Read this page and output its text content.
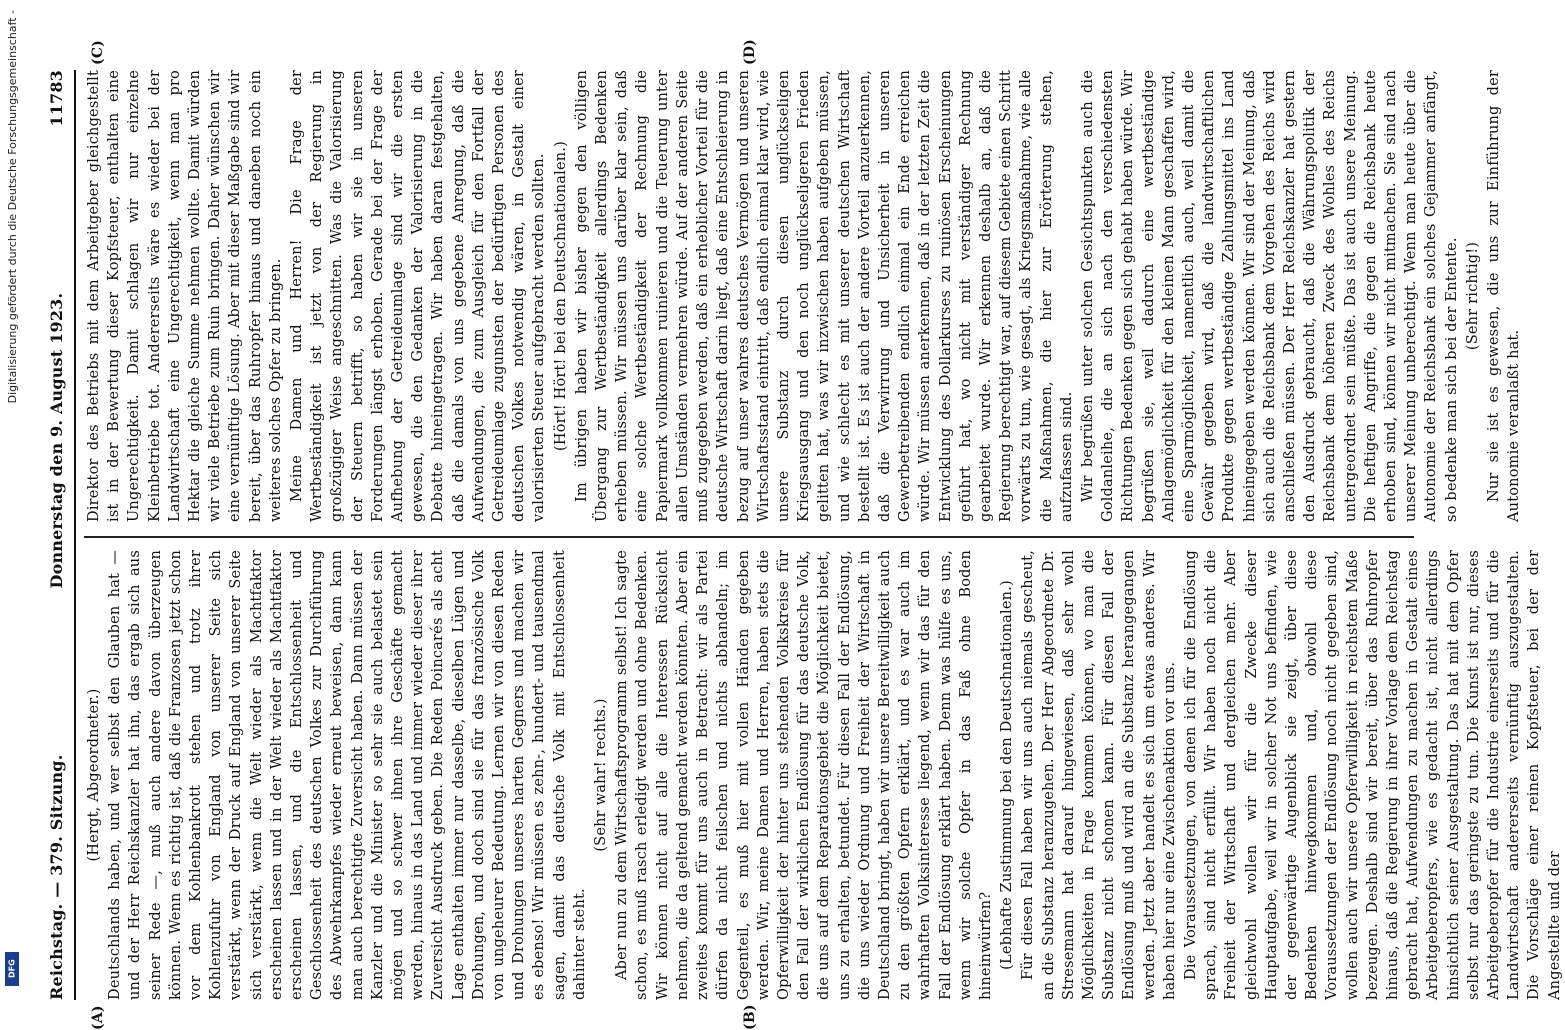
Reichstag. — 379. Sitzung.
Donnerstag den 9. August 1923.
11783
(A)	(B)
(C)	(D)

(Hergt, Abgeordneter.) Deutschlands haben, und wer selbst den Glauben hat — und der Herr Reichskanzler hat ihn, das ergab sich aus seiner Rede —, muß auch andere davon überzeugen können. Wenn es richtig ist, daß die Franzosen jetzt schon vor dem Kohlenbankrott stehen und trotz ihrer Kohlenzufuhr von England von unserer Seite sich verstärkt, wenn der Druck auf England von unserer Seite sich verstärkt, wenn die Welt wieder als Machtfaktor erscheinen lassen und in der Welt wieder als Machtfaktor erscheinen lassen, und die Entschlossenheit und Geschlossenheit des deutschen Volkes zur Durchführung des Abwehrkampfes wieder erneut beweisen, dann kann man auch berechtigte Zuversicht haben. Dann müssen der Kanzler und die Minister so sehr sie auch belastet sein mögen und so schwer ihnen ihre Geschäfte gemacht werden, hinaus in das Land und immer wieder dieser ihrer Zuversicht Ausdruck geben. Die Reden Poincarés als acht Lage enthalten immer nur dasselbe, dieselben Lügen und Drohungen, und doch sind sie für das französische Volk von ungeheurer Bedeutung. Lernen wir von diesen Reden und Drohungen unseres harten Gegners und machen wir es ebenso! Wir müssen es zehn-, hundert- und tausendmal sagen, damit das deutsche Volk mit Entschlossenheit dahinter steht.

(Sehr wahr! rechts.) Aber nun zu dem Wirtschaftsprogramm selbst! Ich sagte schon, es muß rasch erledigt werden und ohne Bedenken. Wir können nicht auf alle die Interessen Rücksicht nehmen, die da geltend gemacht werden könnten. Aber ein zweites kommt für uns auch in Betracht: wir als Partei dürfen da nicht feilschen und nichts abhandeln; im Gegenteil, es muß hier mit vollen Händen gegeben werden. Wir, meine Damen und Herren, haben stets die Opferwilligkeit der hinter uns stehenden Volkskreise für den Fall der wirklichen Endlösung für das deutsche Volk, die uns auf dem Reparationsgebiet die Möglichkeit bietet, uns zu erhalten, betundet. Für diesen Fall der Endlösung, die uns wieder Ordnung und Freiheit der Wirtschaft in Deutschland bringt, haben wir unsere Bereitwilligkeit auch zu den größten Opfern erklärt, und es war auch im wahrhaften Volksinteresse liegend, wenn wir das für den Fall der Endlösung erklärt haben. Denn was hülfe es uns, wenn wir solche Opfer in das Faß ohne Boden hineinwürfen? (Lebhafte Zustimmung bei den Deutschnationalen.) Für diesen Fall haben wir uns auch niemals gescheut, an die Substanz heranzugehen. Der Herr Abgeordnete Dr. Stresemann hat darauf hingewiesen, daß sehr wohl Möglichkeiten in Frage kommen können, wo man die Substanz nicht schonen kann. Für diesen Fall der Endlösung muß und wird an die Substanz herangegangen werden. Jetzt aber handelt es sich um etwas anderes. Wir haben hier nur eine Zwischenaktion vor uns. Die Voraussetzungen, von denen ich für die Endlösung sprach, sind nicht erfüllt. Wir haben noch nicht die Freiheit der Wirtschaft und dergleichen mehr. Aber gleichwohl wollen wir für die Zwecke dieser Hauptaufgabe, weil wir in solcher Not uns befinden, wie der gegenwärtige Augenblick sie zeigt, über diese Bedenken hinwegkommen und, obwohl diese Voraussetzungen der Endlösung noch nicht gegeben sind, wollen auch wir unsere Opferwilligkeit in reichstem Maße bezeugen. Deshalb sind wir bereit, über das Ruhropfer hinaus, daß die Regierung in ihrer Vorlage dem Reichstag gebracht hat, Aufwendungen zu machen in Gestalt eines Arbeitgeberopfers, wie es gedacht ist, nicht allerdings hinsichtlich seiner Ausgestaltung. Das hat mit dem Opfer selbst nur das geringste zu tun. Die Kunst ist nur, dieses Arbeitgeberopfer für die Industrie einerseits und für die Landwirtschaft andererseits vernünftig auszugestalten. Die Vorschläge einer reinen Kopfsteuer, bei der der Angestellte und der

Direktor des Betriebs mit dem Arbeitgeber gleichgestellt ist in der Bewertung dieser Kopfsteuer, enthalten eine Ungerechtigkeit. Damit schlagen wir nur einzelne Kleinbetriebe tot. Andererseits wäre es wieder bei der Landwirtschaft eine Ungerechtigkeit, wenn man pro Hektar die gleiche Summe nehmen wollte. Damit würden wir viele Betriebe zum Ruin bringen. Daher wünschen wir eine vernünftige Lösung. Aber mit dieser Maßgabe sind wir bereit, über das Ruhropfer hinaus und daneben noch ein weiteres solches Opfer zu bringen. Meine Damen und Herren! Die Frage der Wertbeständigkeit ist jetzt von der Regierung in großzügiger Weise angeschnitten. Was die Valorisierung der Steuern betrifft, so haben wir sie in unseren Forderungen längst erhoben. Gerade bei der Frage der Aufhebung der Getreideumlage sind wir die ersten gewesen, die den Gedanken der Valorisierung in die Debatte hineingetragen. Wir haben daran festgehalten, daß die damals von uns gegebene Anregung, daß die Aufwendungen, die zum Ausgleich für den Fortfall der Getreideumlage zugunsten der bedürftigen Personen des deutschen Volkes notwendig wären, in Gestalt einer valorisierten Steuer aufgebracht werden sollten. (Hört! Hört! bei den Deutschnationalen.) Im übrigen haben wir bisher gegen den völligen Übergang zur Wertbeständigkeit allerdings Bedenken erheben müssen. Wir müssen uns darüber klar sein, daß eine solche Wertbeständigkeit der Rechnung die Papiermark vollkommen ruinieren und die Teuerung unter allen Umständen vermehren würde. Auf der anderen Seite muß zugegeben werden, daß ein erheblicher Vorteil für die deutsche Wirtschaft darin liegt, daß eine Entschleierung in bezug auf unser wahres deutsches Vermögen und unseren Wirtschaftsstand eintritt, daß endlich einmal klar wird, wie unsere Substanz durch diesen unglückseligen Kriegsausgang und den noch unglückseligeren Frieden gelitten hat, was wir inzwischen haben aufgeben müssen, und wie schlecht es mit unserer deutschen Wirtschaft bestellt ist. Es ist auch der andere Vorteil anzuerkennen, daß die Verwirrung und Unsicherheit in unseren Gewerbetreibenden endlich einmal ein Ende erreichen würde. Wir müssen anerkennen, daß in der letzten Zeit die Entwicklung des Dollarkurses zu ruinösen Erscheinungen geführt hat, wo nicht mit verständiger Rechnung gearbeitet wurde. Wir erkennen deshalb an, daß die Regierung berechtigt war, auf diesem Gebiete einen Schritt vorwärts zu tun, wie gesagt, als Kriegsmaßnahme, wie alle die Maßnahmen, die hier zur Erörterung stehen, aufzufassen sind. Wir begrüßen unter solchen Gesichtspunkten auch die Goldanleihe, die an sich nach den verschiedensten Richtungen Bedenken gegen sich gehabt haben würde. Wir begrüßen sie, weil dadurch eine wertbeständige Anlagemöglichkeit für den kleinen Mann geschaffen wird, eine Sparmöglichkeit, namentlich auch, weil damit die Gewähr gegeben wird, daß die landwirtschaftlichen Produkte gegen wertbeständige Zahlungsmittel ins Land hineingegeben werden können. Wir sind der Meinung, daß sich auch die Reichsbank dem Vorgehen des Reichs wird anschließen müssen. Der Herr Reichskanzler hat gestern den Ausdruck gebraucht, daß die Währungspolitik der Reichsbank dem höheren Zweck des Wohles des Reichs untergeordnet sein müßte. Das ist auch unsere Meinung. Die heftigen Angriffe, die gegen die Reichsbank heute erhoben sind, können wir nicht mitmachen. Sie sind nach unserer Meinung unberechtigt. Wenn man heute über die Autonomie der Reichsbank ein solches Gejammer anfängt, so bedenke man sich bei der Entente. (Sehr richtig!) Nur sie ist es gewesen, die uns zur Einführung der Autonomie veranlaßt hat.

Digitalisierung gefördert durch die Deutsche Forschungsgemeinschaft -
DFG
